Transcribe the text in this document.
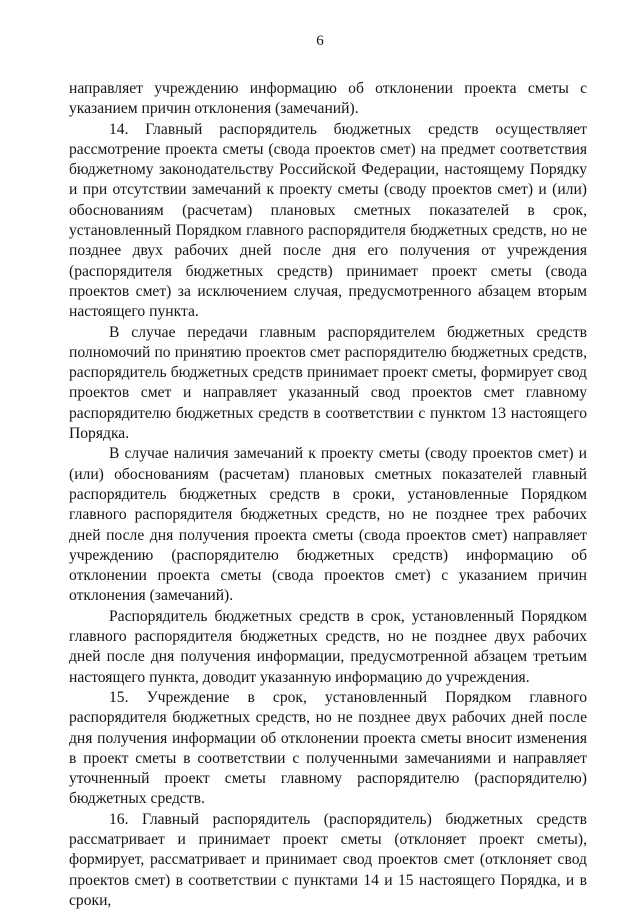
6

направляет учреждению информацию об отклонении проекта сметы с указанием причин отклонения (замечаний).

14. Главный распорядитель бюджетных средств осуществляет рассмотрение проекта сметы (свода проектов смет) на предмет соответствия бюджетному законодательству Российской Федерации, настоящему Порядку и при отсутствии замечаний к проекту сметы (своду проектов смет) и (или) обоснованиям (расчетам) плановых сметных показателей в срок, установленный Порядком главного распорядителя бюджетных средств, но не позднее двух рабочих дней после дня его получения от учреждения (распорядителя бюджетных средств) принимает проект сметы (свода проектов смет) за исключением случая, предусмотренного абзацем вторым настоящего пункта.

В случае передачи главным распорядителем бюджетных средств полномочий по принятию проектов смет распорядителю бюджетных средств, распорядитель бюджетных средств принимает проект сметы, формирует свод проектов смет и направляет указанный свод проектов смет главному распорядителю бюджетных средств в соответствии с пунктом 13 настоящего Порядка.

В случае наличия замечаний к проекту сметы (своду проектов смет) и (или) обоснованиям (расчетам) плановых сметных показателей главный распорядитель бюджетных средств в сроки, установленные Порядком главного распорядителя бюджетных средств, но не позднее трех рабочих дней после дня получения проекта сметы (свода проектов смет) направляет учреждению (распорядителю бюджетных средств) информацию об отклонении проекта сметы (свода проектов смет) с указанием причин отклонения (замечаний).

Распорядитель бюджетных средств в срок, установленный Порядком главного распорядителя бюджетных средств, но не позднее двух рабочих дней после дня получения информации, предусмотренной абзацем третьим настоящего пункта, доводит указанную информацию до учреждения.

15. Учреждение в срок, установленный Порядком главного распорядителя бюджетных средств, но не позднее двух рабочих дней после дня получения информации об отклонении проекта сметы вносит изменения в проект сметы в соответствии с полученными замечаниями и направляет уточненный проект сметы главному распорядителю (распорядителю) бюджетных средств.

16. Главный распорядитель (распорядитель) бюджетных средств рассматривает и принимает проект сметы (отклоняет проект сметы), формирует, рассматривает и принимает свод проектов смет (отклоняет свод проектов смет) в соответствии с пунктами 14 и 15 настоящего Порядка, и в сроки,
